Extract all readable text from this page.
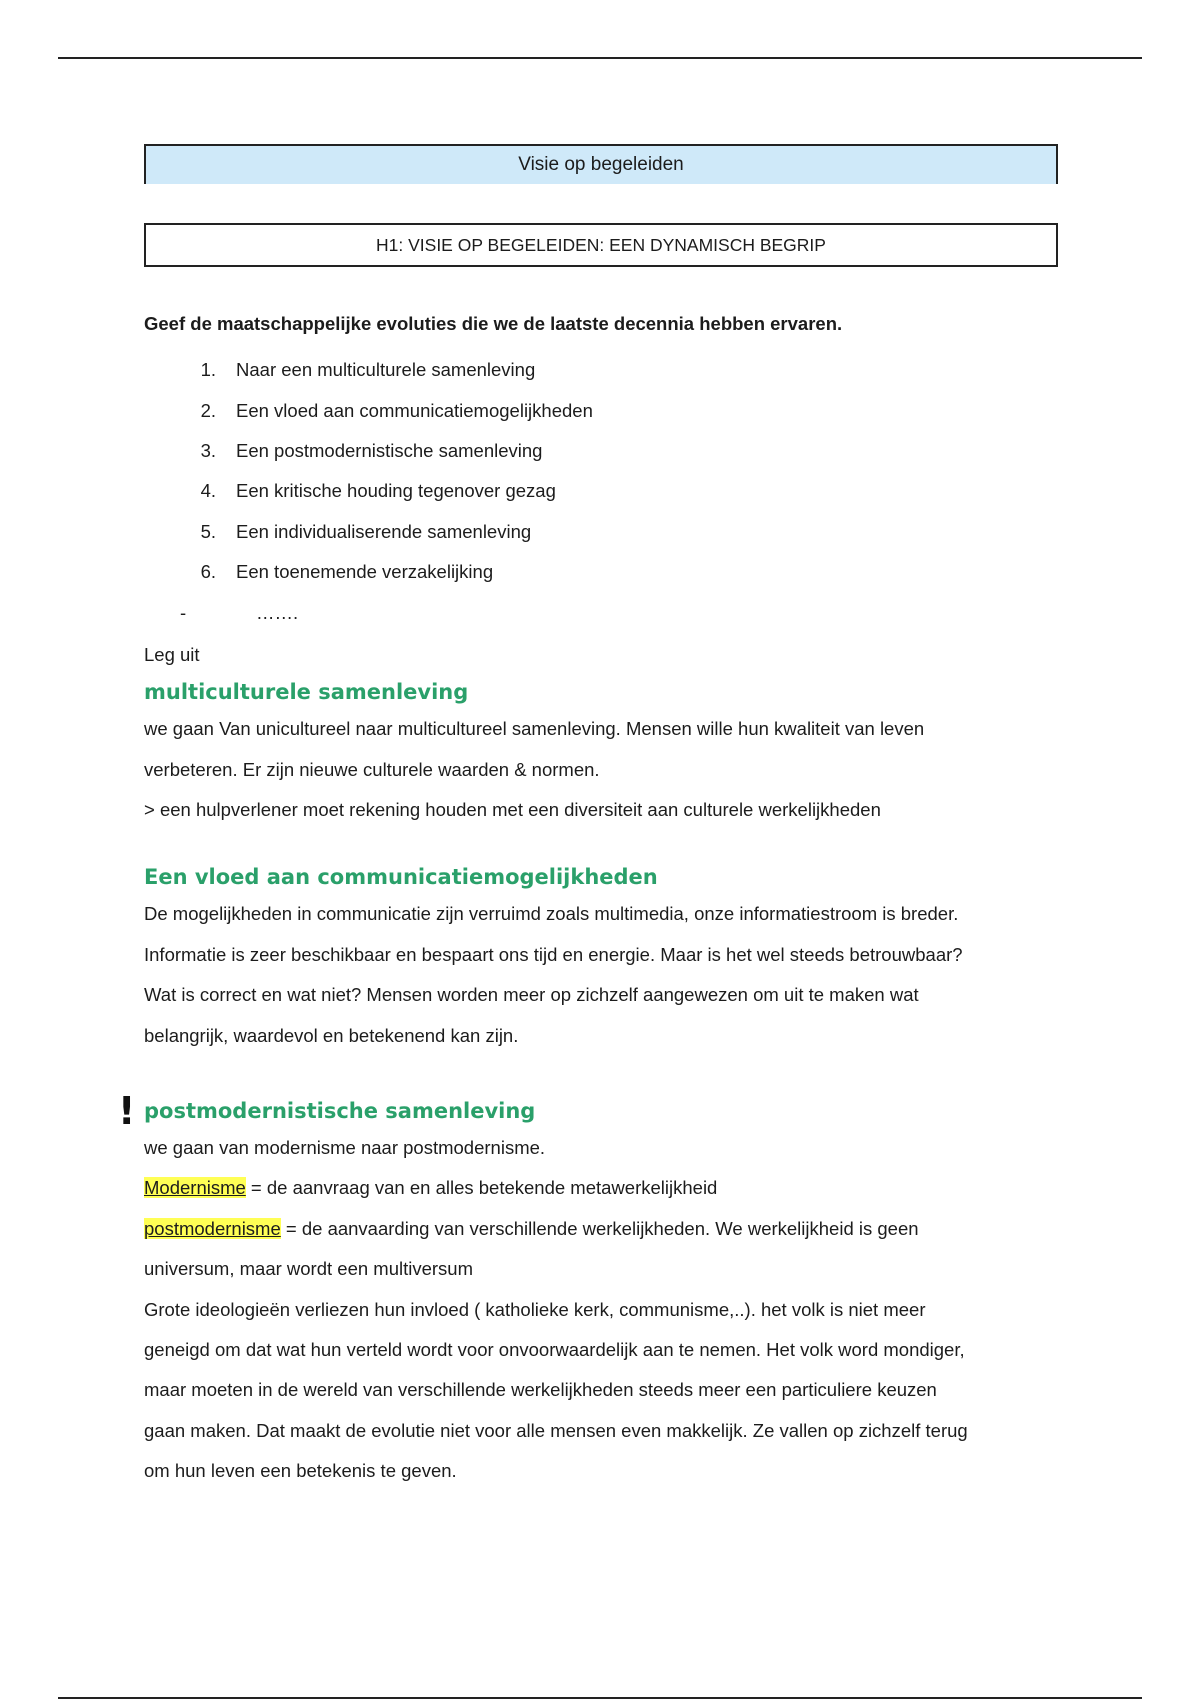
Visie op begeleiden
H1: VISIE OP BEGELEIDEN: EEN DYNAMISCH BEGRIP
Geef de maatschappelijke evoluties die we de laatste decennia hebben ervaren.
1.	Naar een multiculturele samenleving
2.	Een vloed aan communicatiemogelijkheden
3.	Een postmodernistische samenleving
4.	Een kritische houding tegenover gezag
5.	Een individualiserende samenleving
6.	Een toenemende verzakelijking
-	…….

Leg uit

multiculturele samenleving

we gaan Van unicultureel naar multicultureel samenleving. Mensen wille hun kwaliteit van leven

verbeteren. Er zijn nieuwe culturele waarden & normen.

> een hulpverlener moet rekening houden met een diversiteit aan culturele werkelijkheden

Een vloed aan communicatiemogelijkheden

De mogelijkheden in communicatie zijn verruimd zoals multimedia, onze informatiestroom is breder.

Informatie is zeer beschikbaar en bespaart ons tijd en energie. Maar is het wel steeds betrouwbaar?

Wat is correct en wat niet? Mensen worden meer op zichzelf aangewezen om uit te maken wat

belangrijk, waardevol en betekenend kan zijn.

! postmodernistische samenleving

we gaan van modernisme naar postmodernisme.

Modernisme = de aanvraag van en alles betekende metawerkelijkheid

postmodernisme = de aanvaarding van verschillende werkelijkheden. We werkelijkheid is geen

universum, maar wordt een multiversum

Grote ideologieën verliezen hun invloed ( katholieke kerk, communisme,..). het volk is niet meer

geneigd om dat wat hun verteld wordt voor onvoorwaardelijk aan te nemen. Het volk word mondiger,

maar moeten in de wereld van verschillende werkelijkheden steeds meer een particuliere keuzen

gaan maken. Dat maakt de evolutie niet voor alle mensen even makkelijk. Ze vallen op zichzelf terug

om hun leven een betekenis te geven.
